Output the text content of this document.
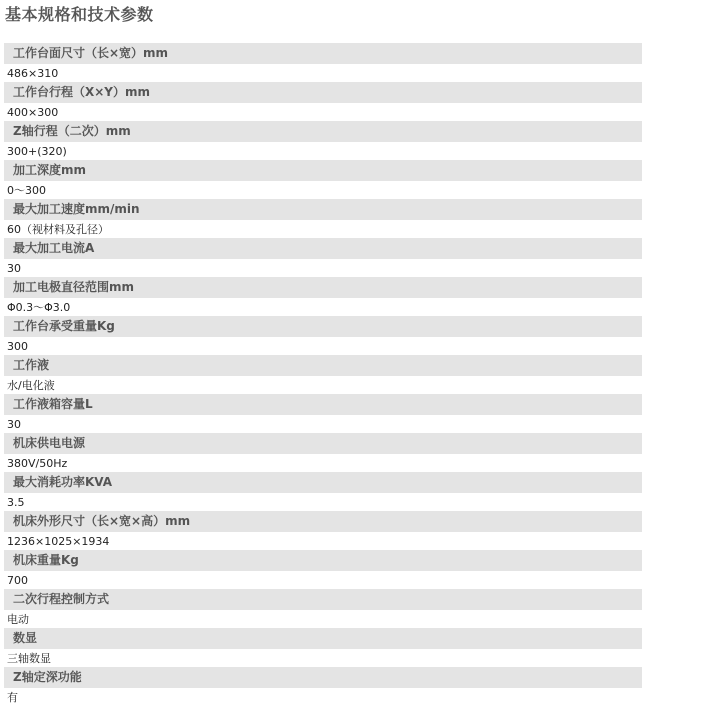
基本规格和技术参数
工作台面尺寸（长×宽）mm
486×310
工作台行程（X×Y）mm
400×300
Z轴行程（二次）mm
300+(320)
加工深度mm
0～300
最大加工速度mm/min
60（视材料及孔径）
最大加工电流A
30
加工电极直径范围mm
Φ0.3～Φ3.0
工作台承受重量Kg
300
工作液
水/电化液
工作液箱容量L
30
机床供电电源
380V/50Hz
最大消耗功率KVA
3.5
机床外形尺寸（长×宽×高）mm
1236×1025×1934
机床重量Kg
700
二次行程控制方式
电动
数显
三轴数显
Z轴定深功能
有
